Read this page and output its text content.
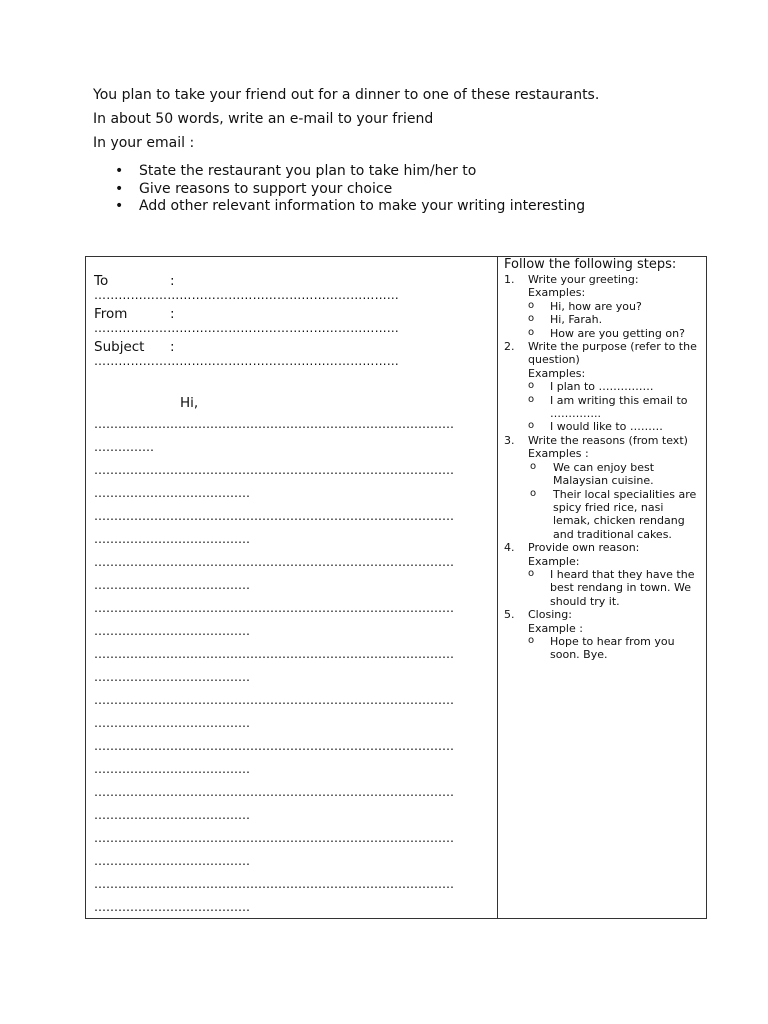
You plan to take your friend out for a dinner to one of these restaurants.

In about 50 words, write an e-mail to your friend

In your email :

• State the restaurant you plan to take him/her to
• Give reasons to support your choice
• Add other relevant information to make your writing interesting
To	:
…………………………………………………………………
From	:
…………………………………………………………………
Subject :
…………………………………………………………………
Hi,
………………………………………………………………………………
……………
………………………………………………………………………………
…………………………………
………………………………………………………………………………
…………………………………
………………………………………………………………………………
…………………………………
………………………………………………………………………………
…………………………………
………………………………………………………………………………
…………………………………
………………………………………………………………………………
…………………………………
………………………………………………………………………………
…………………………………
………………………………………………………………………………
…………………………………
………………………………………………………………………………
…………………………………
………………………………………………………………………………
…………………………………
Follow the following steps:
1. Write your greeting:
Examples:
o Hi, how are you?
o Hi, Farah.
o How are you getting on?
2. Write the purpose (refer to the question)
Examples:
o I plan to ……………
o I am writing this email to …………..
o I would like to ………
3. Write the reasons (from text)
Examples :
o We can enjoy best Malaysian cuisine.
o Their local specialities are spicy fried rice, nasi lemak, chicken rendang and traditional cakes.
4. Provide own reason:
Example:
o I heard that they have the best rendang in town. We should try it.
5. Closing:
Example :
o Hope to hear from you soon. Bye.
